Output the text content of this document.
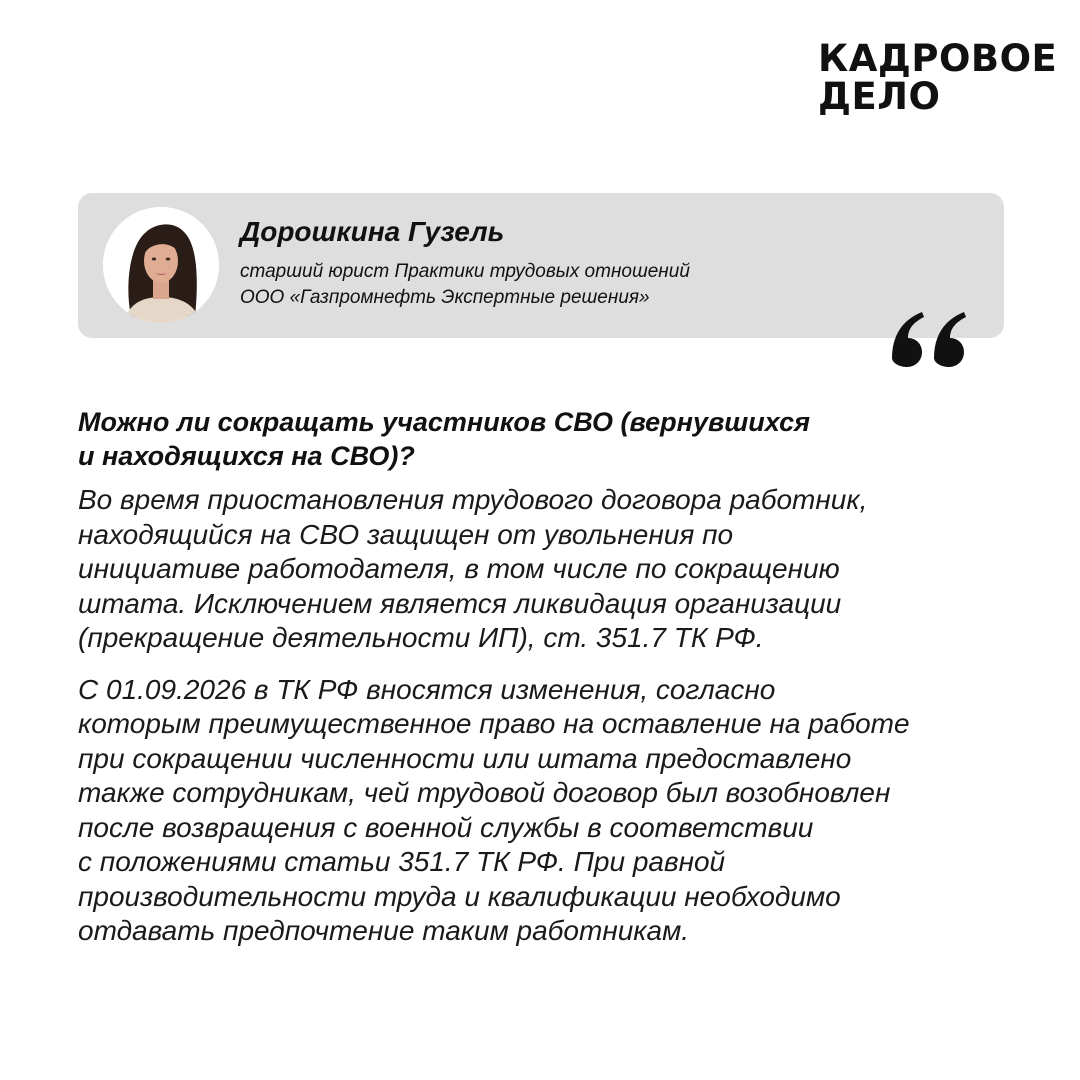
КАДРОВОЕ
ДЕЛО
Дорошкина Гузель
старший юрист Практики трудовых отношений
ООО «Газпромнефть Экспертные решения»
Можно ли сокращать участников СВО (вернувшихся
и находящихся на СВО)?
Во время приостановления трудового договора работник,
находящийся на СВО защищен от увольнения по
инициативе работодателя, в том числе по сокращению
штата. Исключением является ликвидация организации
(прекращение деятельности ИП), ст. 351.7 ТК РФ.
С 01.09.2026 в ТК РФ вносятся изменения, согласно
которым преимущественное право на оставление на работе
при сокращении численности или штата предоставлено
также сотрудникам, чей трудовой договор был возобновлен
после возвращения с военной службы в соответствии
с положениями статьи 351.7 ТК РФ. При равной
производительности труда и квалификации необходимо
отдавать предпочтение таким работникам.
